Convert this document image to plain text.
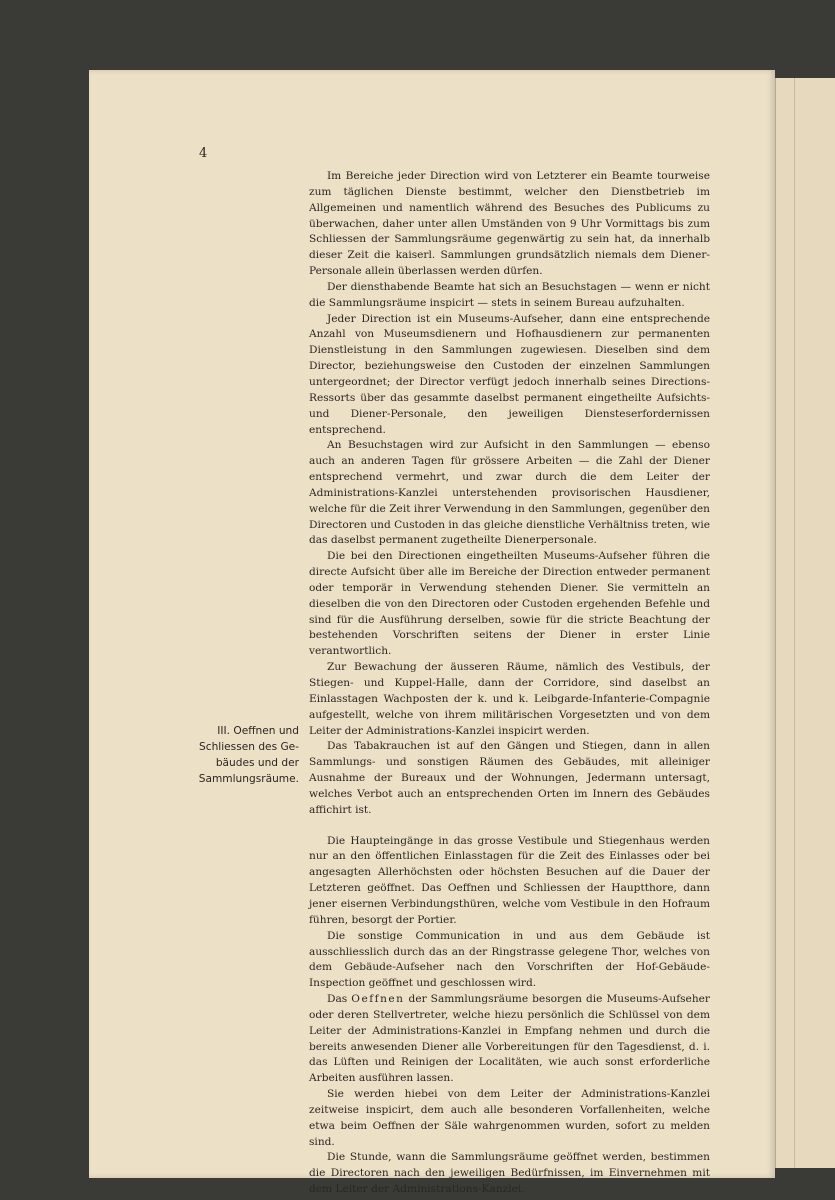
4
III. Oeffnen und
Schliessen des Ge-
bäudes und der
Sammlungsräume.

Im Bereiche jeder Direction wird von Letzterer ein Beamte tourweise zum täglichen Dienste bestimmt, welcher den Dienstbetrieb im Allgemeinen und namentlich während des Besuches des Publicums zu überwachen, daher unter allen Umständen von 9 Uhr Vormittags bis zum Schliessen der Sammlungsräume gegenwärtig zu sein hat, da innerhalb dieser Zeit die kaiserl. Sammlungen grundsätzlich niemals dem Diener-Personale allein überlassen werden dürfen.

Der diensthabende Beamte hat sich an Besuchstagen — wenn er nicht die Sammlungsräume inspicirt — stets in seinem Bureau aufzuhalten.

Jeder Direction ist ein Museums-Aufseher, dann eine entsprechende Anzahl von Museumsdienern und Hofhausdienern zur permanenten Dienstleistung in den Sammlungen zugewiesen. Dieselben sind dem Director, beziehungsweise den Custoden der einzelnen Sammlungen untergeordnet; der Director verfügt jedoch innerhalb seines Directions-Ressorts über das gesammte daselbst permanent eingetheilte Aufsichts- und Diener-Personale, den jeweiligen Diensteserfordernissen entsprechend.

An Besuchstagen wird zur Aufsicht in den Sammlungen — ebenso auch an anderen Tagen für grössere Arbeiten — die Zahl der Diener entsprechend vermehrt, und zwar durch die dem Leiter der Administrations-Kanzlei unterstehenden provisorischen Hausdiener, welche für die Zeit ihrer Verwendung in den Sammlungen, gegenüber den Directoren und Custoden in das gleiche dienstliche Verhältniss treten, wie das daselbst permanent zugetheilte Dienerpersonale.

Die bei den Directionen eingetheilten Museums-Aufseher führen die directe Aufsicht über alle im Bereiche der Direction entweder permanent oder temporär in Verwendung stehenden Diener. Sie vermitteln an dieselben die von den Directoren oder Custoden ergehenden Befehle und sind für die Ausführung derselben, sowie für die stricte Beachtung der bestehenden Vorschriften seitens der Diener in erster Linie verantwortlich.

Zur Bewachung der äusseren Räume, nämlich des Vestibuls, der Stiegen- und Kuppel-Halle, dann der Corridore, sind daselbst an Einlasstagen Wachposten der k. und k. Leibgarde-Infanterie-Compagnie aufgestellt, welche von ihrem militärischen Vorgesetzten und von dem Leiter der Administrations-Kanzlei inspicirt werden.

Das Tabakrauchen ist auf den Gängen und Stiegen, dann in allen Sammlungs- und sonstigen Räumen des Gebäudes, mit alleiniger Ausnahme der Bureaux und der Wohnungen, Jedermann untersagt, welches Verbot auch an entsprechenden Orten im Innern des Gebäudes affichirt ist.

Die Haupteingänge in das grosse Vestibule und Stiegenhaus werden nur an den öffentlichen Einlasstagen für die Zeit des Einlasses oder bei angesagten Allerhöchsten oder höchsten Besuchen auf die Dauer der Letzteren geöffnet. Das Oeffnen und Schliessen der Hauptthore, dann jener eisernen Verbindungsthüren, welche vom Vestibule in den Hofraum führen, besorgt der Portier.

Die sonstige Communication in und aus dem Gebäude ist ausschliesslich durch das an der Ringstrasse gelegene Thor, welches von dem Gebäude-Aufseher nach den Vorschriften der Hof-Gebäude-Inspection geöffnet und geschlossen wird.

Das Oeffnen der Sammlungsräume besorgen die Museums-Aufseher oder deren Stellvertreter, welche hiezu persönlich die Schlüssel von dem Leiter der Administrations-Kanzlei in Empfang nehmen und durch die bereits anwesenden Diener alle Vorbereitungen für den Tagesdienst, d. i. das Lüften und Reinigen der Localitäten, wie auch sonst erforderliche Arbeiten ausführen lassen.

Sie werden hiebei von dem Leiter der Administrations-Kanzlei zeitweise inspicirt, dem auch alle besonderen Vorfallenheiten, welche etwa beim Oeffnen der Säle wahrgenommen wurden, sofort zu melden sind.

Die Stunde, wann die Sammlungsräume geöffnet werden, bestimmen die Directoren nach den jeweiligen Bedürfnissen, im Einvernehmen mit dem Leiter der Administrations-Kanzlei.
